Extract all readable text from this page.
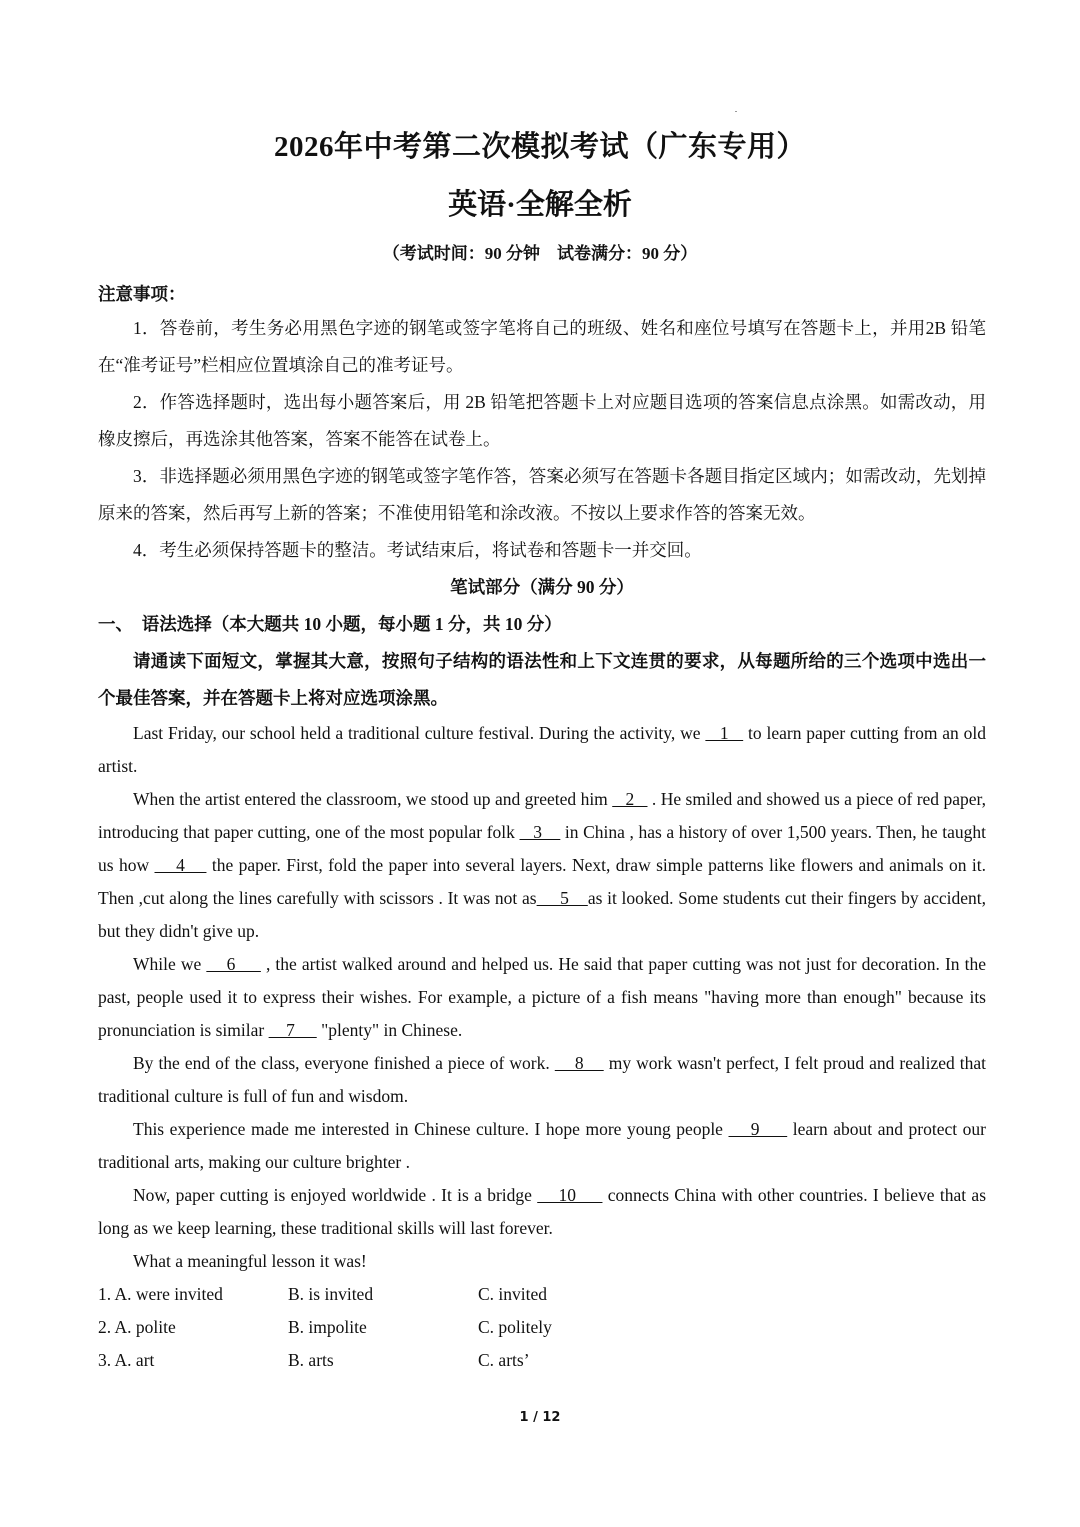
2026年中考第二次模拟考试（广东专用）
英语·全解全析
（考试时间：90 分钟　试卷满分：90 分）

注意事项：

1．答卷前，考生务必用黑色字迹的钢笔或签字笔将自己的班级、姓名和座位号填写在答题卡上，并用2B 铅笔在“准考证号”栏相应位置填涂自己的准考证号。

2．作答选择题时，选出每小题答案后，用 2B 铅笔把答题卡上对应题目选项的答案信息点涂黑。如需改动，用橡皮擦后，再选涂其他答案，答案不能答在试卷上。

3．非选择题必须用黑色字迹的钢笔或签字笔作答，答案必须写在答题卡各题目指定区域内；如需改动，先划掉原来的答案，然后再写上新的答案；不准使用铅笔和涂改液。不按以上要求作答的答案无效。

4．考生必须保持答题卡的整洁。考试结束后，将试卷和答题卡一并交回。

笔试部分（满分 90 分）

一、　语法选择（本大题共 10 小题，每小题 1 分，共 10 分）

请通读下面短文，掌握其大意，按照句子结构的语法性和上下文连贯的要求，从每题所给的三个选项中选出一个最佳答案，并在答题卡上将对应选项涂黑。

Last Friday, our school held a traditional culture festival. During the activity, we    1    to learn paper cutting from an old artist.

When the artist entered the classroom, we stood up and greeted him    2    . He smiled and showed us a piece of red paper, introducing that paper cutting, one of the most popular folk    3     in China , has a history of over 1,500 years. Then, he taught us how     4     the paper. First, fold the paper into several layers. Next, draw simple patterns like flowers and animals on it. Then ,cut along the lines carefully with scissors . It was not as     5    as it looked. Some students cut their fingers by accident, but they didn't give up.

While we     6      , the artist walked around and helped us. He said that paper cutting was not just for decoration. In the past, people used it to express their wishes. For example, a picture of a fish means "having more than enough" because its pronunciation is similar     7      "plenty" in Chinese.

By the end of the class, everyone finished a piece of work.     8     my work wasn't perfect, I felt proud and realized that traditional culture is full of fun and wisdom.

This experience made me interested in Chinese culture. I hope more young people     9      learn about and protect our traditional arts, making our culture brighter .

Now, paper cutting is enjoyed worldwide . It is a bridge     10      connects China with other countries. I believe that as long as we keep learning, these traditional skills will last forever.

What a meaningful lesson it was!

1. A. were invited	B. is invited	C. invited
2. A. polite	B. impolite	C. politely
3. A. art	B. arts	C. arts’
1 / 12
